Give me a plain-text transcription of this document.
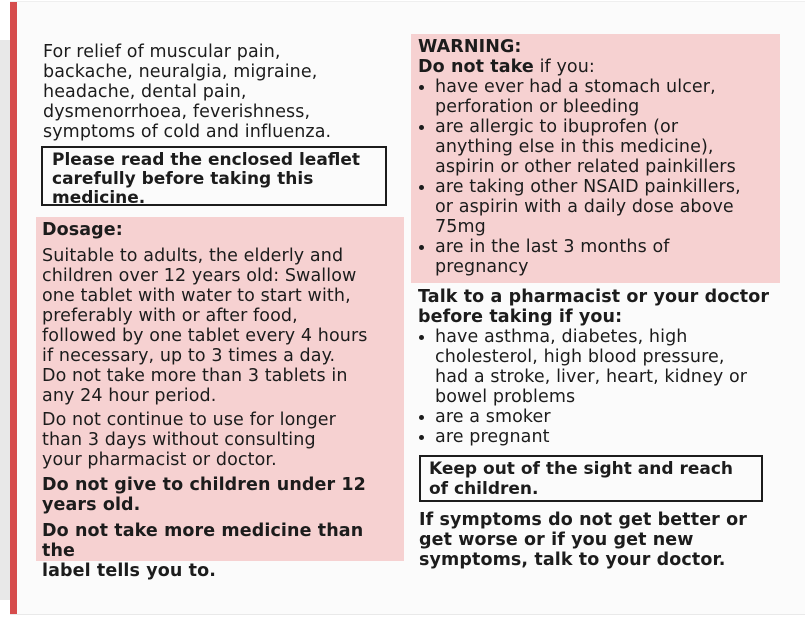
For relief of muscular pain,
backache, neuralgia, migraine,
headache, dental pain,
dysmenorrhoea, feverishness,
symptoms of cold and influenza.
Please read the enclosed leaflet
carefully before taking this
medicine.
Dosage:
Suitable to adults, the elderly and
children over 12 years old: Swallow
one tablet with water to start with,
preferably with or after food,
followed by one tablet every 4 hours
if necessary, up to 3 times a day.
Do not take more than 3 tablets in
any 24 hour period.
Do not continue to use for longer
than 3 days without consulting
your pharmacist or doctor.
Do not give to children under 12
years old.
Do not take more medicine than the
label tells you to.
WARNING:
Do not take if you:
have ever had a stomach ulcer,
perforation or bleeding
are allergic to ibuprofen (or
anything else in this medicine),
aspirin or other related painkillers
are taking other NSAID painkillers,
or aspirin with a daily dose above
75mg
are in the last 3 months of
pregnancy
Talk to a pharmacist or your doctor
before taking if you:
have asthma, diabetes, high
cholesterol, high blood pressure,
had a stroke, liver, heart, kidney or
bowel problems
are a smoker
are pregnant
Keep out of the sight and reach
of children.
If symptoms do not get better or
get worse or if you get new
symptoms, talk to your doctor.
